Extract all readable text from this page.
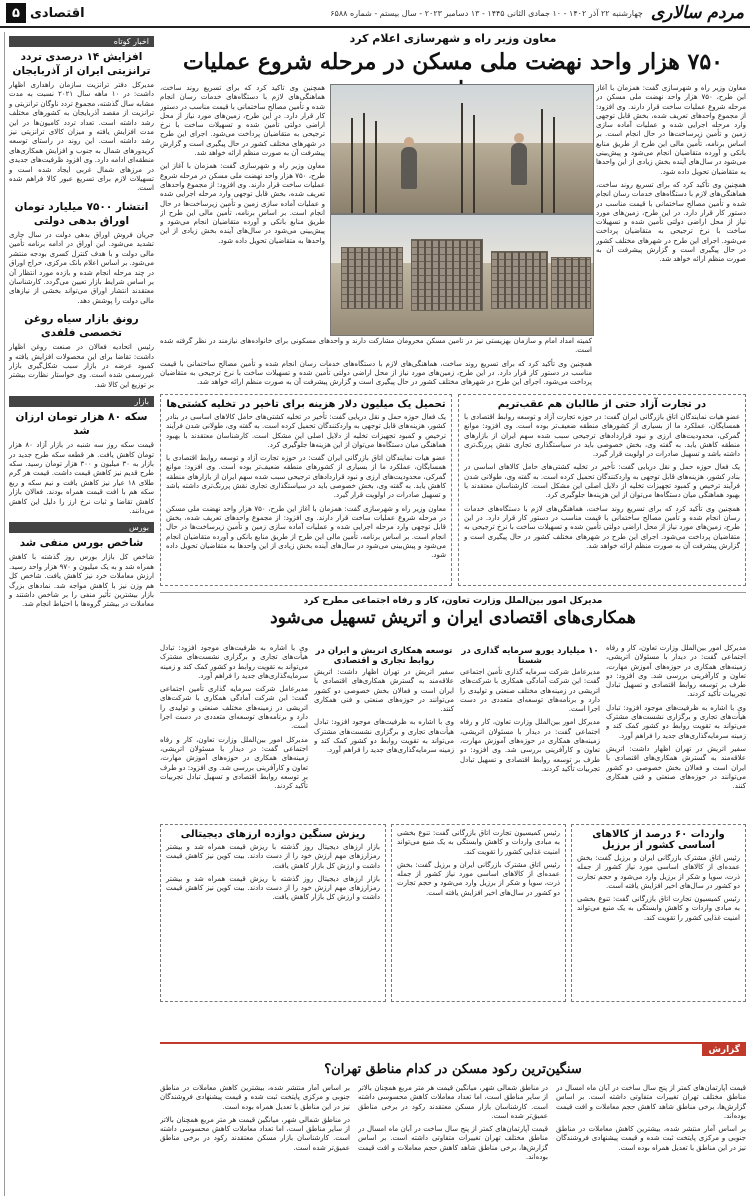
مردم سالاری
چهارشنبه ۲۲ آذر ۱۴۰۲ - ۱۰ جمادی الثانی ۱۴۴۵ - ۱۳ دسامبر ۲۰۲۳ - سال بیستم - شماره ۶۵۸۸
اقتصادی
۵
اخبار کوتاه
افزایش ۱۴ درصدی تردد ترانزیتی ایران از آذربایجان

مدیرکل دفتر ترانزیت سازمان راهداری اظهار داشت: در ۱۰ ماهه سال ۲۰۲۱ نسبت به مدت مشابه سال گذشته، مجموع تردد ناوگان ترانزیتی و ترانزیت از مقصد آذربایجان به کشورهای مختلف رشد داشته است. تعداد تردد کامیون‌ها در این مدت افزایش یافته و میزان کالای ترانزیتی نیز رشد داشته است. این روند در راستای توسعه کریدورهای شمال به جنوب و افزایش همکاری‌های منطقه‌ای ادامه دارد. وی افزود ظرفیت‌های جدیدی در مرزهای شمال غربی ایجاد شده است و تسهیلات لازم برای تسریع عبور کالا فراهم شده است.

انتشار ۷۵۰۰ میلیارد تومان اوراق بدهی دولتی

جریان فروش اوراق بدهی دولت در سال جاری تشدید می‌شود. این اوراق در ادامه برنامه تأمین مالی دولت و با هدف کنترل کسری بودجه منتشر می‌شود. بر اساس اعلام بانک مرکزی، حراج اوراق در چند مرحله انجام شده و بازده مورد انتظار آن بر اساس شرایط بازار تعیین می‌گردد. کارشناسان معتقدند انتشار اوراق می‌تواند بخشی از نیازهای مالی دولت را پوشش دهد.

رونق بازار سیاه روغن تخصصی فلفدی

رئیس اتحادیه فعالان در صنعت روغن اظهار داشت: تقاضا برای این محصولات افزایش یافته و کمبود عرضه در بازار سبب شکل‌گیری بازار غیررسمی شده است. وی خواستار نظارت بیشتر بر توزیع این کالا شد.

بازار
سکه ۸۰ هزار تومان ارزان شد

قیمت سکه روز سه شنبه در بازار آزاد ۸۰ هزار تومان کاهش یافت. هر قطعه سکه طرح جدید در بازار به ۳۰ میلیون و ۳۰۰ هزار تومان رسید. سکه طرح قدیم نیز کاهش قیمت داشت. قیمت هر گرم طلای ۱۸ عیار نیز کاهش یافت و نیم سکه و ربع سکه هم با افت قیمت همراه بودند. فعالان بازار کاهش تقاضا و ثبات نرخ ارز را دلیل این کاهش می‌دانند.

بورس
شاخص بورس منفی شد

شاخص کل بازار بورس روز گذشته با کاهش همراه شد و به یک میلیون و ۹۷۰ هزار واحد رسید. ارزش معاملات خرد نیز کاهش یافت. شاخص کل هم وزن نیز با کاهش مواجه شد. نمادهای بزرگ بازار بیشترین تأثیر منفی را بر شاخص داشتند و معاملات در بیشتر گروه‌ها با احتیاط انجام شد.

معاون وزیر راه و شهرسازی اعلام کرد
۷۵۰ هزار واحد نهضت ملی مسکن در مرحله شروع عملیات

معاون وزیر راه و شهرسازی گفت: همزمان با آغاز این طرح، ۷۵۰ هزار واحد نهضت ملی مسکن در مرحله شروع عملیات ساخت قرار دارند. وی افزود: از مجموع واحدهای تعریف شده، بخش قابل توجهی وارد مرحله اجرایی شده و عملیات آماده سازی زمین و تأمین زیرساخت‌ها در حال انجام است. بر اساس برنامه، تأمین مالی این طرح از طریق منابع بانکی و آورده متقاضیان انجام می‌شود و پیش‌بینی می‌شود در سال‌های آینده بخش زیادی از این واحدها به متقاضیان تحویل داده شود.

همچنین وی تأکید کرد که برای تسریع روند ساخت، هماهنگی‌های لازم با دستگاه‌های خدمات رسان انجام شده و تأمین مصالح ساختمانی با قیمت مناسب در دستور کار قرار دارد. در این طرح، زمین‌های مورد نیاز از محل اراضی دولتی تأمین شده و تسهیلات ساخت با نرخ ترجیحی به متقاضیان پرداخت می‌شود. اجرای این طرح در شهرهای مختلف کشور در حال پیگیری است و گزارش پیشرفت آن به صورت منظم ارائه خواهد شد.

همچنین وی تأکید کرد که برای تسریع روند ساخت، هماهنگی‌های لازم با دستگاه‌های خدمات رسان انجام شده و تأمین مصالح ساختمانی با قیمت مناسب در دستور کار قرار دارد. در این طرح، زمین‌های مورد نیاز از محل اراضی دولتی تأمین شده و تسهیلات ساخت با نرخ ترجیحی به متقاضیان پرداخت می‌شود. اجرای این طرح در شهرهای مختلف کشور در حال پیگیری است و گزارش پیشرفت آن به صورت منظم ارائه خواهد شد.

معاون وزیر راه و شهرسازی گفت: همزمان با آغاز این طرح، ۷۵۰ هزار واحد نهضت ملی مسکن در مرحله شروع عملیات ساخت قرار دارند. وی افزود: از مجموع واحدهای تعریف شده، بخش قابل توجهی وارد مرحله اجرایی شده و عملیات آماده سازی زمین و تأمین زیرساخت‌ها در حال انجام است. بر اساس برنامه، تأمین مالی این طرح از طریق منابع بانکی و آورده متقاضیان انجام می‌شود و پیش‌بینی می‌شود در سال‌های آینده بخش زیادی از این واحدها به متقاضیان تحویل داده شود.

کمیته امداد امام و سازمان بهزیستی نیز در تأمین مسکن محرومان مشارکت دارند و واحدهای مسکونی برای خانواده‌های نیازمند در نظر گرفته شده است.

همچنین وی تأکید کرد که برای تسریع روند ساخت، هماهنگی‌های لازم با دستگاه‌های خدمات رسان انجام شده و تأمین مصالح ساختمانی با قیمت مناسب در دستور کار قرار دارد. در این طرح، زمین‌های مورد نیاز از محل اراضی دولتی تأمین شده و تسهیلات ساخت با نرخ ترجیحی به متقاضیان پرداخت می‌شود. اجرای این طرح در شهرهای مختلف کشور در حال پیگیری است و گزارش پیشرفت آن به صورت منظم ارائه خواهد شد.

در تجارت آزاد حتی از طالبان هم عقب‌تریم

عضو هیات نمایندگان اتاق بازرگانی ایران گفت: در حوزه تجارت آزاد و توسعه روابط اقتصادی با همسایگان، عملکرد ما از بسیاری از کشورهای منطقه ضعیف‌تر بوده است. وی افزود: موانع گمرکی، محدودیت‌های ارزی و نبود قراردادهای ترجیحی سبب شده سهم ایران از بازارهای منطقه کاهش یابد. به گفته وی، بخش خصوصی باید در سیاستگذاری تجاری نقش پررنگ‌تری داشته باشد و تسهیل صادرات در اولویت قرار گیرد.

یک فعال حوزه حمل و نقل دریایی گفت: تأخیر در تخلیه کشتی‌های حامل کالاهای اساسی در بنادر کشور، هزینه‌های قابل توجهی به واردکنندگان تحمیل کرده است. به گفته وی، طولانی شدن فرآیند ترخیص و کمبود تجهیزات تخلیه از دلایل اصلی این مشکل است. کارشناسان معتقدند با بهبود هماهنگی میان دستگاه‌ها می‌توان از این هزینه‌ها جلوگیری کرد.

همچنین وی تأکید کرد که برای تسریع روند ساخت، هماهنگی‌های لازم با دستگاه‌های خدمات رسان انجام شده و تأمین مصالح ساختمانی با قیمت مناسب در دستور کار قرار دارد. در این طرح، زمین‌های مورد نیاز از محل اراضی دولتی تأمین شده و تسهیلات ساخت با نرخ ترجیحی به متقاضیان پرداخت می‌شود. اجرای این طرح در شهرهای مختلف کشور در حال پیگیری است و گزارش پیشرفت آن به صورت منظم ارائه خواهد شد.

تحمیل یک میلیون دلار هزینه برای تاخیر در تخلیه کشتی‌ها

یک فعال حوزه حمل و نقل دریایی گفت: تأخیر در تخلیه کشتی‌های حامل کالاهای اساسی در بنادر کشور، هزینه‌های قابل توجهی به واردکنندگان تحمیل کرده است. به گفته وی، طولانی شدن فرآیند ترخیص و کمبود تجهیزات تخلیه از دلایل اصلی این مشکل است. کارشناسان معتقدند با بهبود هماهنگی میان دستگاه‌ها می‌توان از این هزینه‌ها جلوگیری کرد.

عضو هیات نمایندگان اتاق بازرگانی ایران گفت: در حوزه تجارت آزاد و توسعه روابط اقتصادی با همسایگان، عملکرد ما از بسیاری از کشورهای منطقه ضعیف‌تر بوده است. وی افزود: موانع گمرکی، محدودیت‌های ارزی و نبود قراردادهای ترجیحی سبب شده سهم ایران از بازارهای منطقه کاهش یابد. به گفته وی، بخش خصوصی باید در سیاستگذاری تجاری نقش پررنگ‌تری داشته باشد و تسهیل صادرات در اولویت قرار گیرد.

معاون وزیر راه و شهرسازی گفت: همزمان با آغاز این طرح، ۷۵۰ هزار واحد نهضت ملی مسکن در مرحله شروع عملیات ساخت قرار دارند. وی افزود: از مجموع واحدهای تعریف شده، بخش قابل توجهی وارد مرحله اجرایی شده و عملیات آماده سازی زمین و تأمین زیرساخت‌ها در حال انجام است. بر اساس برنامه، تأمین مالی این طرح از طریق منابع بانکی و آورده متقاضیان انجام می‌شود و پیش‌بینی می‌شود در سال‌های آینده بخش زیادی از این واحدها به متقاضیان تحویل داده شود.

مدیرکل امور بین‌الملل وزارت تعاون، کار و رفاه اجتماعی مطرح کرد
همکاری‌های اقتصادی ایران و اتریش تسهیل می‌شود

مدیرکل امور بین‌الملل وزارت تعاون، کار و رفاه اجتماعی گفت: در دیدار با مسئولان اتریشی، زمینه‌های همکاری در حوزه‌های آموزش مهارت، تعاون و کارآفرینی بررسی شد. وی افزود: دو طرف بر توسعه روابط اقتصادی و تسهیل تبادل تجربیات تأکید کردند.

وی با اشاره به ظرفیت‌های موجود افزود: تبادل هیأت‌های تجاری و برگزاری نشست‌های مشترک می‌تواند به تقویت روابط دو کشور کمک کند و زمینه سرمایه‌گذاری‌های جدید را فراهم آورد.

سفیر اتریش در تهران اظهار داشت: اتریش علاقه‌مند به گسترش همکاری‌های اقتصادی با ایران است و فعالان بخش خصوصی دو کشور می‌توانند در حوزه‌های صنعتی و فنی همکاری کنند.

۱۰ میلیارد یورو سرمایه گذاری در شستا

مدیرعامل شرکت سرمایه گذاری تأمین اجتماعی گفت: این شرکت آمادگی همکاری با شرکت‌های اتریشی در زمینه‌های مختلف صنعتی و تولیدی را دارد و برنامه‌های توسعه‌ای متعددی در دست اجرا است.

مدیرکل امور بین‌الملل وزارت تعاون، کار و رفاه اجتماعی گفت: در دیدار با مسئولان اتریشی، زمینه‌های همکاری در حوزه‌های آموزش مهارت، تعاون و کارآفرینی بررسی شد. وی افزود: دو طرف بر توسعه روابط اقتصادی و تسهیل تبادل تجربیات تأکید کردند.

توسعه همکاری اتریش و ایران در روابط تجاری و اقتصادی

سفیر اتریش در تهران اظهار داشت: اتریش علاقه‌مند به گسترش همکاری‌های اقتصادی با ایران است و فعالان بخش خصوصی دو کشور می‌توانند در حوزه‌های صنعتی و فنی همکاری کنند.

وی با اشاره به ظرفیت‌های موجود افزود: تبادل هیأت‌های تجاری و برگزاری نشست‌های مشترک می‌تواند به تقویت روابط دو کشور کمک کند و زمینه سرمایه‌گذاری‌های جدید را فراهم آورد.

وی با اشاره به ظرفیت‌های موجود افزود: تبادل هیأت‌های تجاری و برگزاری نشست‌های مشترک می‌تواند به تقویت روابط دو کشور کمک کند و زمینه سرمایه‌گذاری‌های جدید را فراهم آورد.

مدیرعامل شرکت سرمایه گذاری تأمین اجتماعی گفت: این شرکت آمادگی همکاری با شرکت‌های اتریشی در زمینه‌های مختلف صنعتی و تولیدی را دارد و برنامه‌های توسعه‌ای متعددی در دست اجرا است.

مدیرکل امور بین‌الملل وزارت تعاون، کار و رفاه اجتماعی گفت: در دیدار با مسئولان اتریشی، زمینه‌های همکاری در حوزه‌های آموزش مهارت، تعاون و کارآفرینی بررسی شد. وی افزود: دو طرف بر توسعه روابط اقتصادی و تسهیل تبادل تجربیات تأکید کردند.

واردات ۶۰ درصد از کالاهای اساسی کشور از برزیل

رئیس اتاق مشترک بازرگانی ایران و برزیل گفت: بخش عمده‌ای از کالاهای اساسی مورد نیاز کشور از جمله ذرت، سویا و شکر از برزیل وارد می‌شود و حجم تجارت دو کشور در سال‌های اخیر افزایش یافته است.

رئیس کمیسیون تجارت اتاق بازرگانی گفت: تنوع بخشی به مبادی واردات و کاهش وابستگی به یک منبع می‌تواند امنیت غذایی کشور را تقویت کند.

رئیس کمیسیون تجارت اتاق بازرگانی گفت: تنوع بخشی به مبادی واردات و کاهش وابستگی به یک منبع می‌تواند امنیت غذایی کشور را تقویت کند.

رئیس اتاق مشترک بازرگانی ایران و برزیل گفت: بخش عمده‌ای از کالاهای اساسی مورد نیاز کشور از جمله ذرت، سویا و شکر از برزیل وارد می‌شود و حجم تجارت دو کشور در سال‌های اخیر افزایش یافته است.

ریزش سنگین دوازده ارزهای دیجیتالی

بازار ارزهای دیجیتال روز گذشته با ریزش قیمت همراه شد و بیشتر رمزارزهای مهم ارزش خود را از دست دادند. بیت کوین نیز کاهش قیمت داشت و ارزش کل بازار کاهش یافت.

بازار ارزهای دیجیتال روز گذشته با ریزش قیمت همراه شد و بیشتر رمزارزهای مهم ارزش خود را از دست دادند. بیت کوین نیز کاهش قیمت داشت و ارزش کل بازار کاهش یافت.

گزارش
سنگین‌ترین رکود مسکن در کدام مناطق تهران؟

قیمت آپارتمان‌های کمتر از پنج سال ساخت در آبان ماه امسال در مناطق مختلف تهران تغییرات متفاوتی داشته است. بر اساس گزارش‌ها، برخی مناطق شاهد کاهش حجم معاملات و افت قیمت بوده‌اند.

بر اساس آمار منتشر شده، بیشترین کاهش معاملات در مناطق جنوبی و مرکزی پایتخت ثبت شده و قیمت پیشنهادی فروشندگان نیز در این مناطق با تعدیل همراه بوده است.

در مناطق شمالی شهر، میانگین قیمت هر متر مربع همچنان بالاتر از سایر مناطق است، اما تعداد معاملات کاهش محسوسی داشته است. کارشناسان بازار مسکن معتقدند رکود در برخی مناطق عمیق‌تر شده است.

قیمت آپارتمان‌های کمتر از پنج سال ساخت در آبان ماه امسال در مناطق مختلف تهران تغییرات متفاوتی داشته است. بر اساس گزارش‌ها، برخی مناطق شاهد کاهش حجم معاملات و افت قیمت بوده‌اند.

بر اساس آمار منتشر شده، بیشترین کاهش معاملات در مناطق جنوبی و مرکزی پایتخت ثبت شده و قیمت پیشنهادی فروشندگان نیز در این مناطق با تعدیل همراه بوده است.

در مناطق شمالی شهر، میانگین قیمت هر متر مربع همچنان بالاتر از سایر مناطق است، اما تعداد معاملات کاهش محسوسی داشته است. کارشناسان بازار مسکن معتقدند رکود در برخی مناطق عمیق‌تر شده است.
